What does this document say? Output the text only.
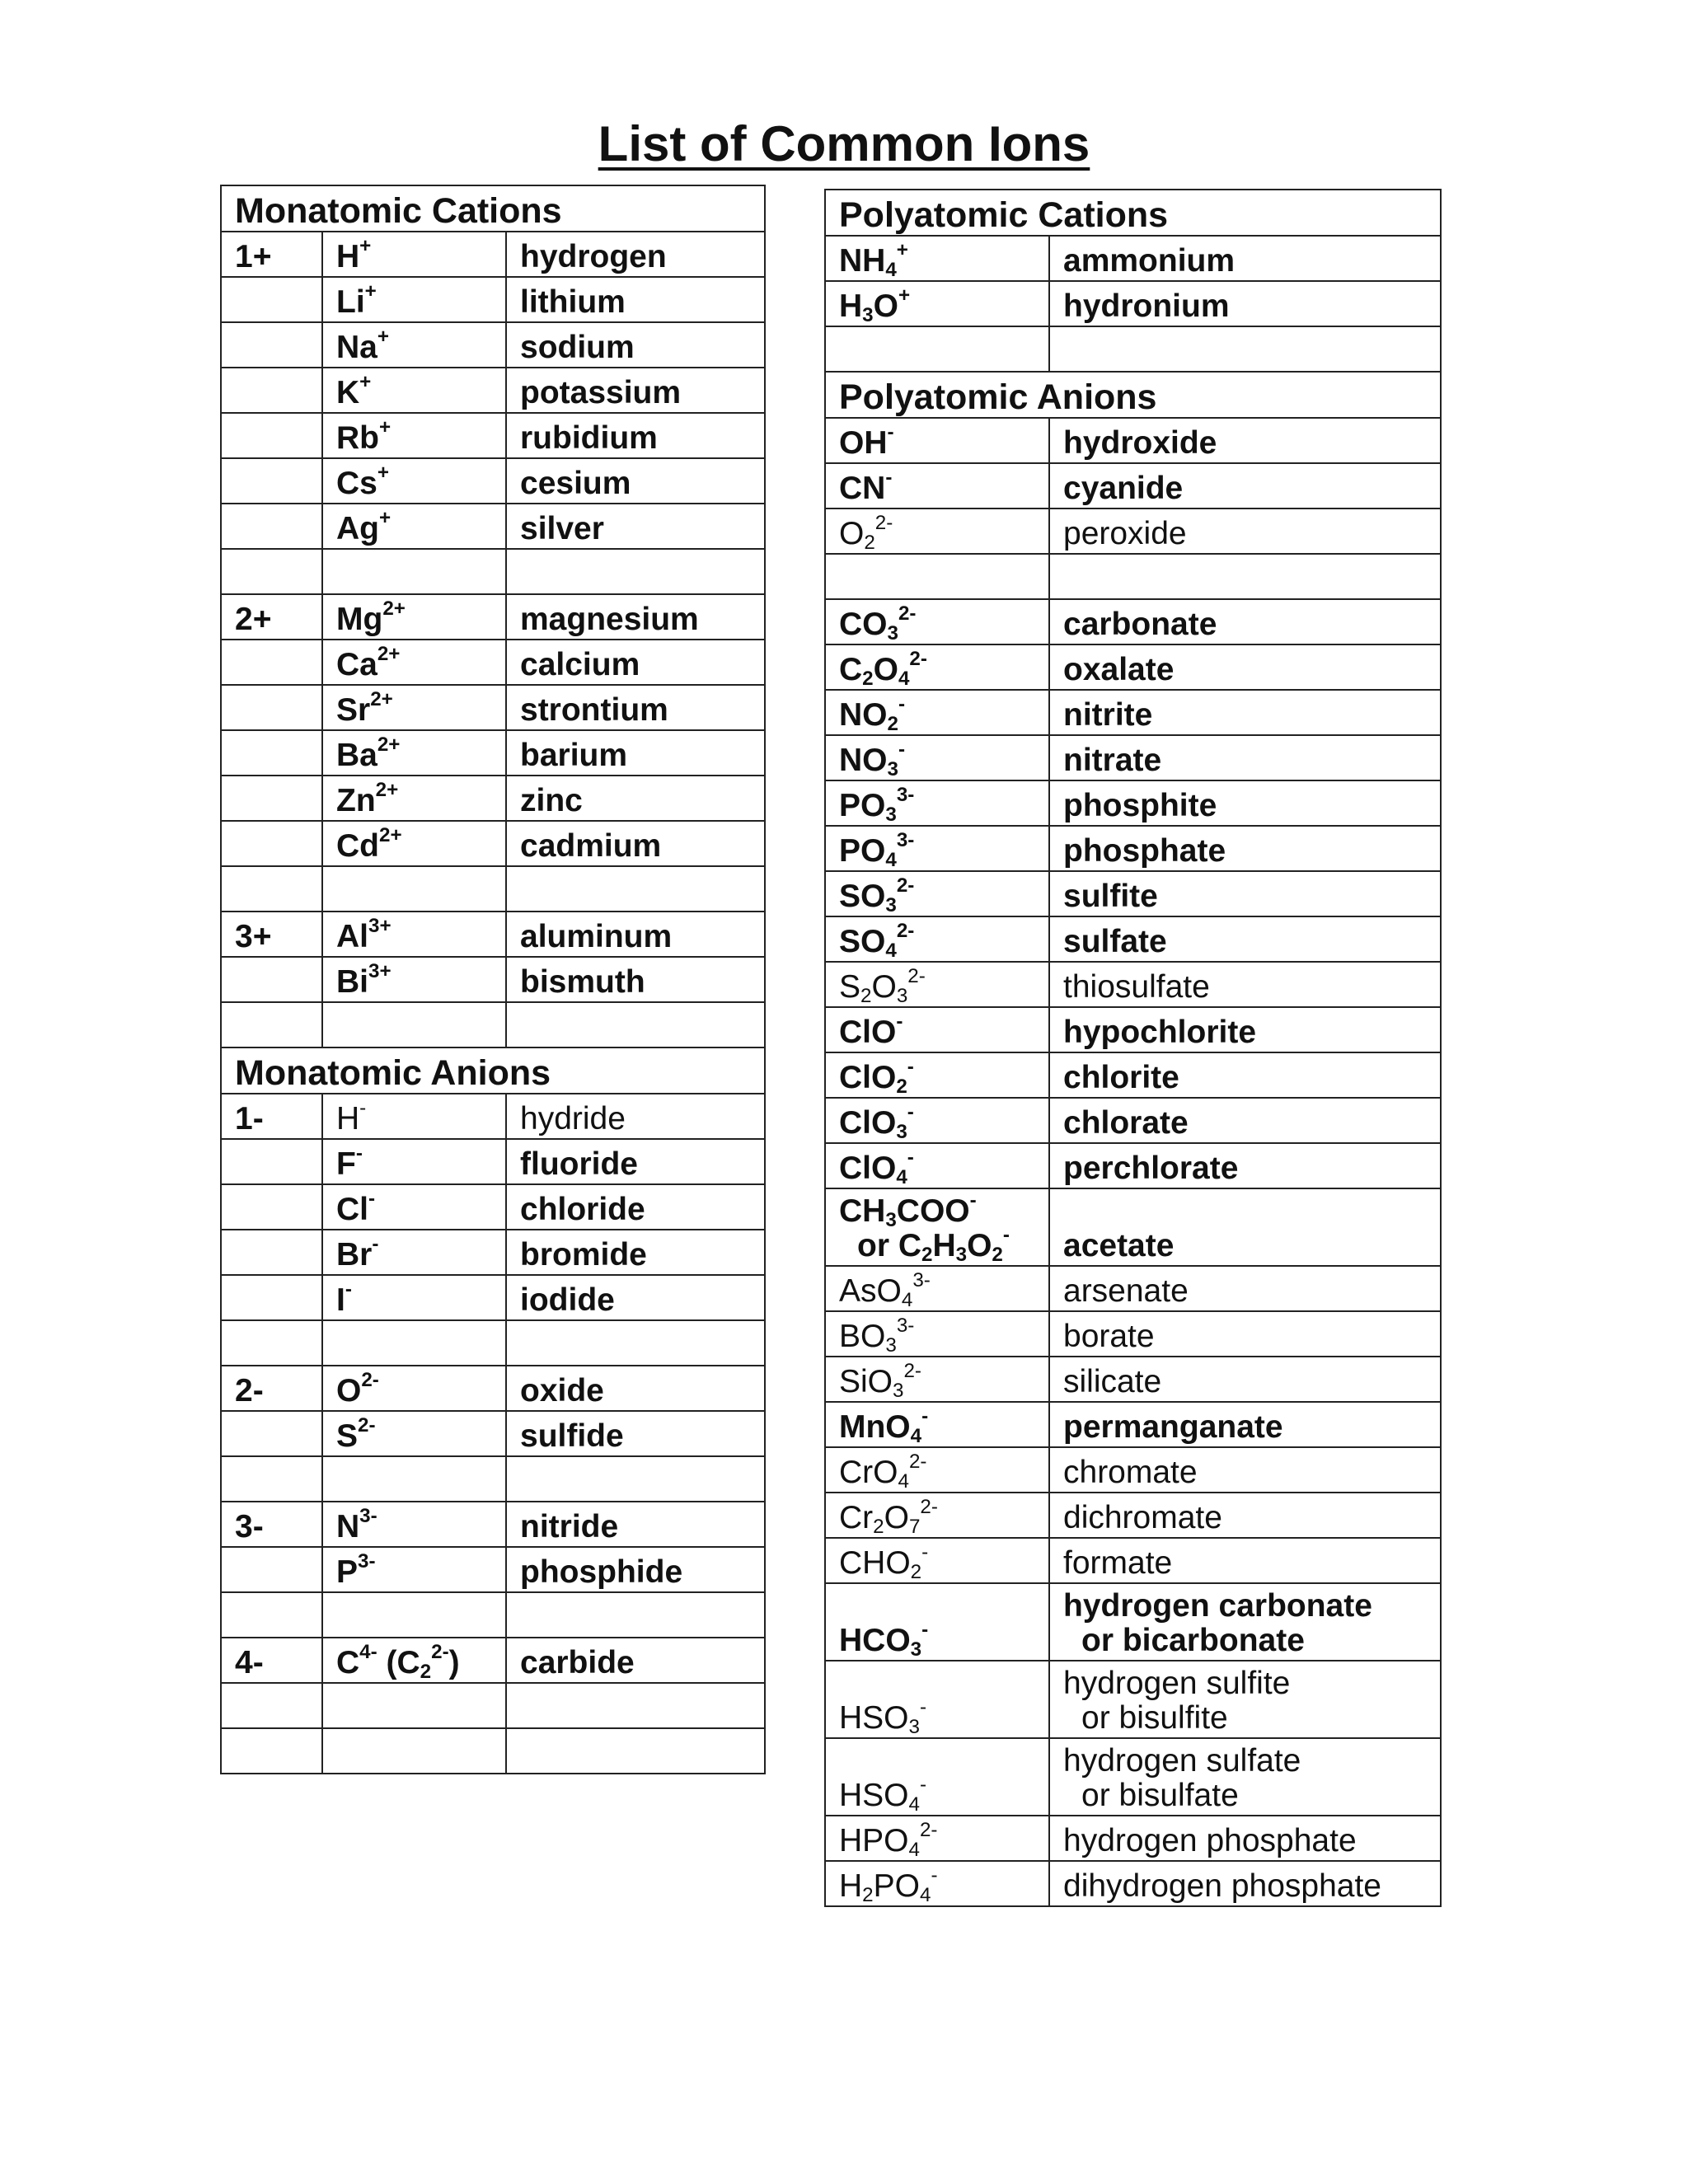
List of Common Ions
Monatomic Cations		
1+	H+	hydrogen
	Li+	lithium
	Na+	sodium
	K+	potassium
	Rb+	rubidium
	Cs+	cesium
	Ag+	silver

2+	$Mg^{2+}$	magnesium
	$Ca^{2+}$	calcium
	$Sr^{2+}$	strontium
	$Ba^{2+}$	barium
	$Zn^{2+}$	zinc
	$Cd^{2+}$	cadmium

3+	$Al^{3+}$	aluminum
	$Bi^{3+}$	bismuth

Monatomic Anions		
1-	H-	hydride
	F-	fluoride
	Cl-	chloride
	Br-	bromide
	I-	iodide

2-	$O^{2-}$	oxide
	$S^{2-}$	sulfide

3-	$N^{3-}$	nitride
	$P^{3-}$	phosphide

4-	$C^{4-}$ $(C_2^{2-})$	carbide

Polyatomic Cations	
$NH_4^+$	ammonium
$H_3O^+$	hydronium

Polyatomic Anions	
OH-	hydroxide
CN-	cyanide
$O_2^{2-}$	peroxide

$CO_3^{2-}$	carbonate
$C_2O_4^{2-}$	oxalate
$NO_2^-$	nitrite
$NO_3^-$	nitrate
$PO_3^{3-}$	phosphite
$PO_4^{3-}$	phosphate
$SO_3^{2-}$	sulfite
$SO_4^{2-}$	sulfate
$S_2O_3^{2-}$	thiosulfate
ClO-	hypochlorite
ClO$_2$-	chlorite
ClO$_3$-	chlorate
ClO$_4$-	perchlorate

$CH_3COO^-$
or $C_2H_3O_2^-$	acetate
AsO$_4^{3-}$	arsenate
$BO_3^{3-}$	borate
SiO$_3^{2-}$	silicate
MnO$_4$-	permanganate
CrO$_4^{2-}$	chromate
$Cr_2O_7^{2-}$	dichromate
$CHO_2^-$	formate
$HCO_3^-$	hydrogen carbonate
or bicarbonate

$HSO_3^-$	hydrogen sulfite
or bisulfite

$HSO_4^-$	hydrogen sulfate
or bisulfate

$HPO_4^{2-}$	hydrogen phosphate
$H_2PO_4^-$	dihydrogen phosphate
